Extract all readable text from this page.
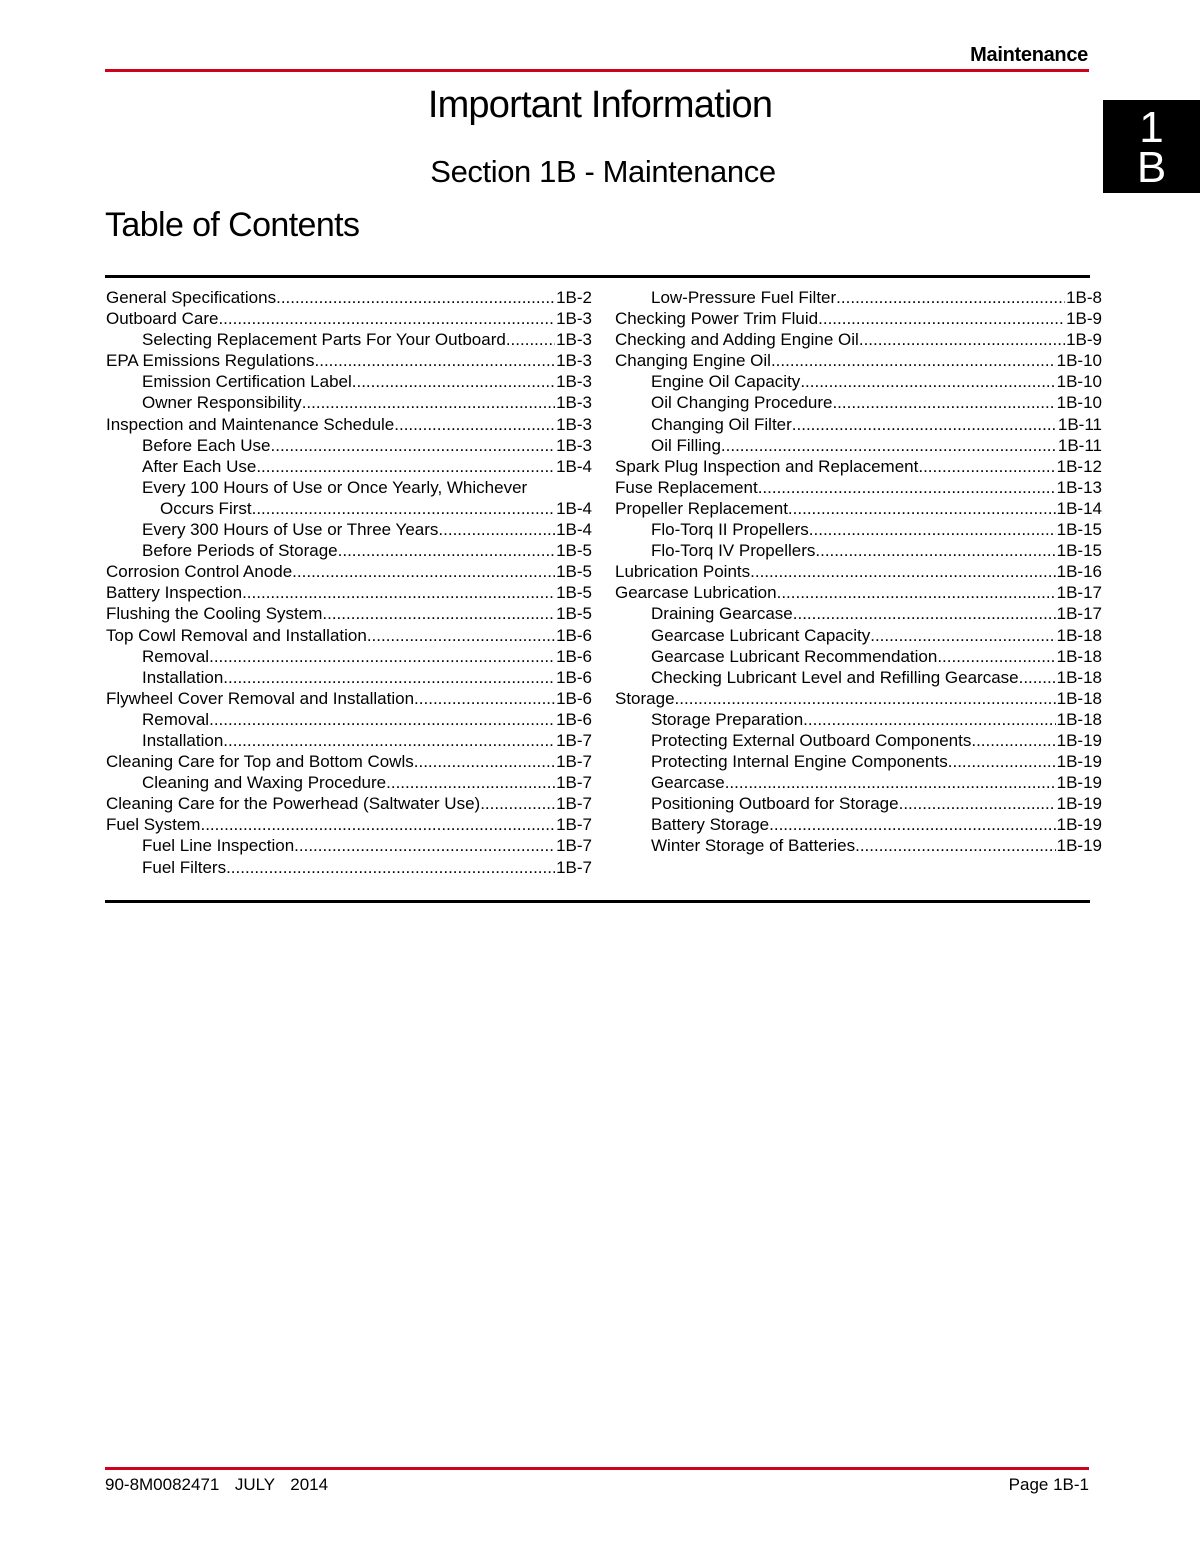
Maintenance
1
B
Important Information
Section 1B - Maintenance
Table of Contents
General Specifications .....	1B-2
Outboard Care .....	1B-3
Selecting Replacement Parts For Your Outboard .....	1B-3
EPA Emissions Regulations .....	1B-3
Emission Certification Label .....	1B-3
Owner Responsibility .....	1B-3
Inspection and Maintenance Schedule .....	1B-3
Before Each Use .....	1B-3
After Each Use .....	1B-4
Every 100 Hours of Use or Once Yearly, Whichever
Occurs First .....	1B-4
Every 300 Hours of Use or Three Years .....	1B-4
Before Periods of Storage .....	1B-5
Corrosion Control Anode .....	1B-5
Battery Inspection .....	1B-5
Flushing the Cooling System .....	1B-5
Top Cowl Removal and Installation .....	1B-6
Removal .....	1B-6
Installation .....	1B-6
Flywheel Cover Removal and Installation .....	1B-6
Removal .....	1B-6
Installation .....	1B-7
Cleaning Care for Top and Bottom Cowls .....	1B-7
Cleaning and Waxing Procedure .....	1B-7
Cleaning Care for the Powerhead (Saltwater Use) .....	1B-7
Fuel System .....	1B-7
Fuel Line Inspection .....	1B-7
Fuel Filters .....	1B-7
Low-Pressure Fuel Filter .....	1B-8
Checking Power Trim Fluid .....	1B-9
Checking and Adding Engine Oil .....	1B-9
Changing Engine Oil .....	1B-10
Engine Oil Capacity .....	1B-10
Oil Changing Procedure .....	1B-10
Changing Oil Filter .....	1B-11
Oil Filling .....	1B-11
Spark Plug Inspection and Replacement .....	1B-12
Fuse Replacement .....	1B-13
Propeller Replacement .....	1B-14
Flo‑Torq II Propellers .....	1B-15
Flo‑Torq IV Propellers .....	1B-15
Lubrication Points .....	1B-16
Gearcase Lubrication .....	1B-17
Draining Gearcase .....	1B-17
Gearcase Lubricant Capacity .....	1B-18
Gearcase Lubricant Recommendation .....	1B-18
Checking Lubricant Level and Refilling Gearcase ..... 1B-18
Storage .....	1B-18
Storage Preparation .....	1B-18
Protecting External Outboard Components .....	1B-19
Protecting Internal Engine Components .....	1B-19
Gearcase .....	1B-19
Positioning Outboard for Storage .....	1B-19
Battery Storage .....	1B-19
Winter Storage of Batteries .....	1B-19
90-8M0082471  JULY  2014	Page 1B-1
